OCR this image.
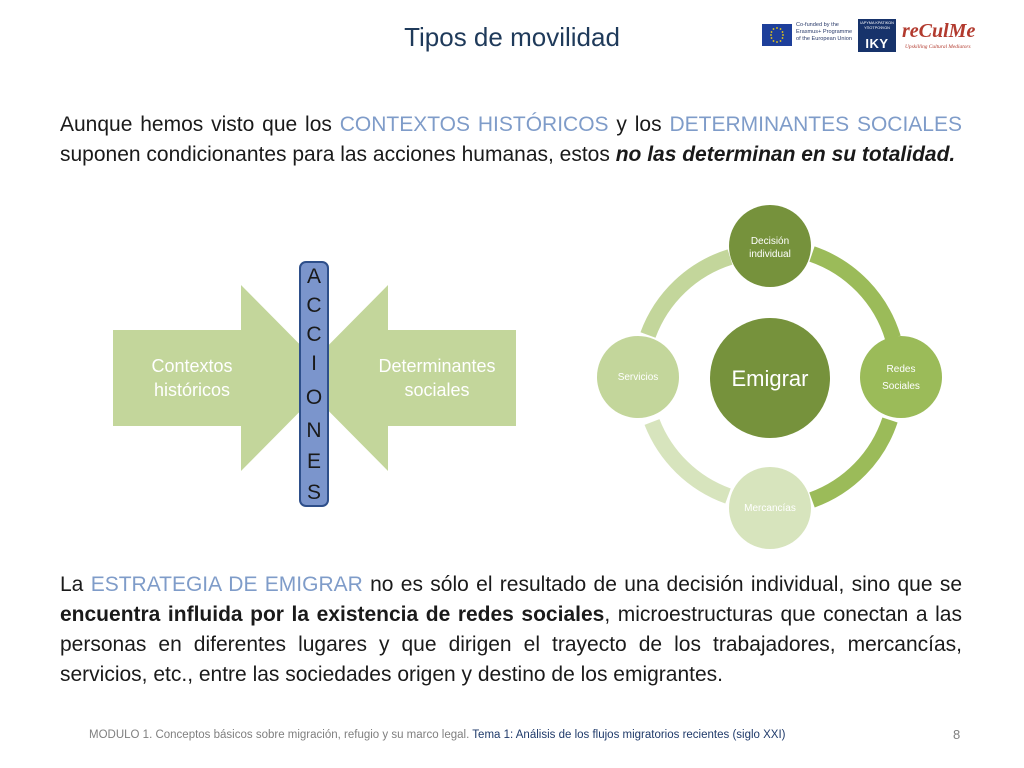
Tipos de movilidad	Co-funded by the Erasmus+ Programme of the European Union
ΙΔΡΥΜΑ ΚΡΑΤΙΚΩΝ ΥΠΟΤΡΟΦΙΩΝ
IKY
reCulMe
Upskilling Cultural Mediators
Aunque hemos visto que los CONTEXTOS HISTÓRICOS y los DETERMINANTES SOCIALES suponen condicionantes para las acciones humanas, estos no las determinan en su totalidad.
Contextos
históricos
Determinantes
sociales
Decisión
individual
Redes
Sociales
Mercancías
Servicios	Emigrar
A
C
C
I
O
N
E
S
La ESTRATEGIA DE EMIGRAR no es sólo el resultado de una decisión individual, sino que se encuentra influida por la existencia de redes sociales, microestructuras que conectan a las personas en diferentes lugares y que dirigen el trayecto de los trabajadores, mercancías, servicios, etc., entre las sociedades origen y destino de los emigrantes.
MODULO 1. Conceptos básicos sobre migración, refugio y su marco legal. Tema 1: Análisis de los flujos migratorios recientes (siglo XXI)	8
